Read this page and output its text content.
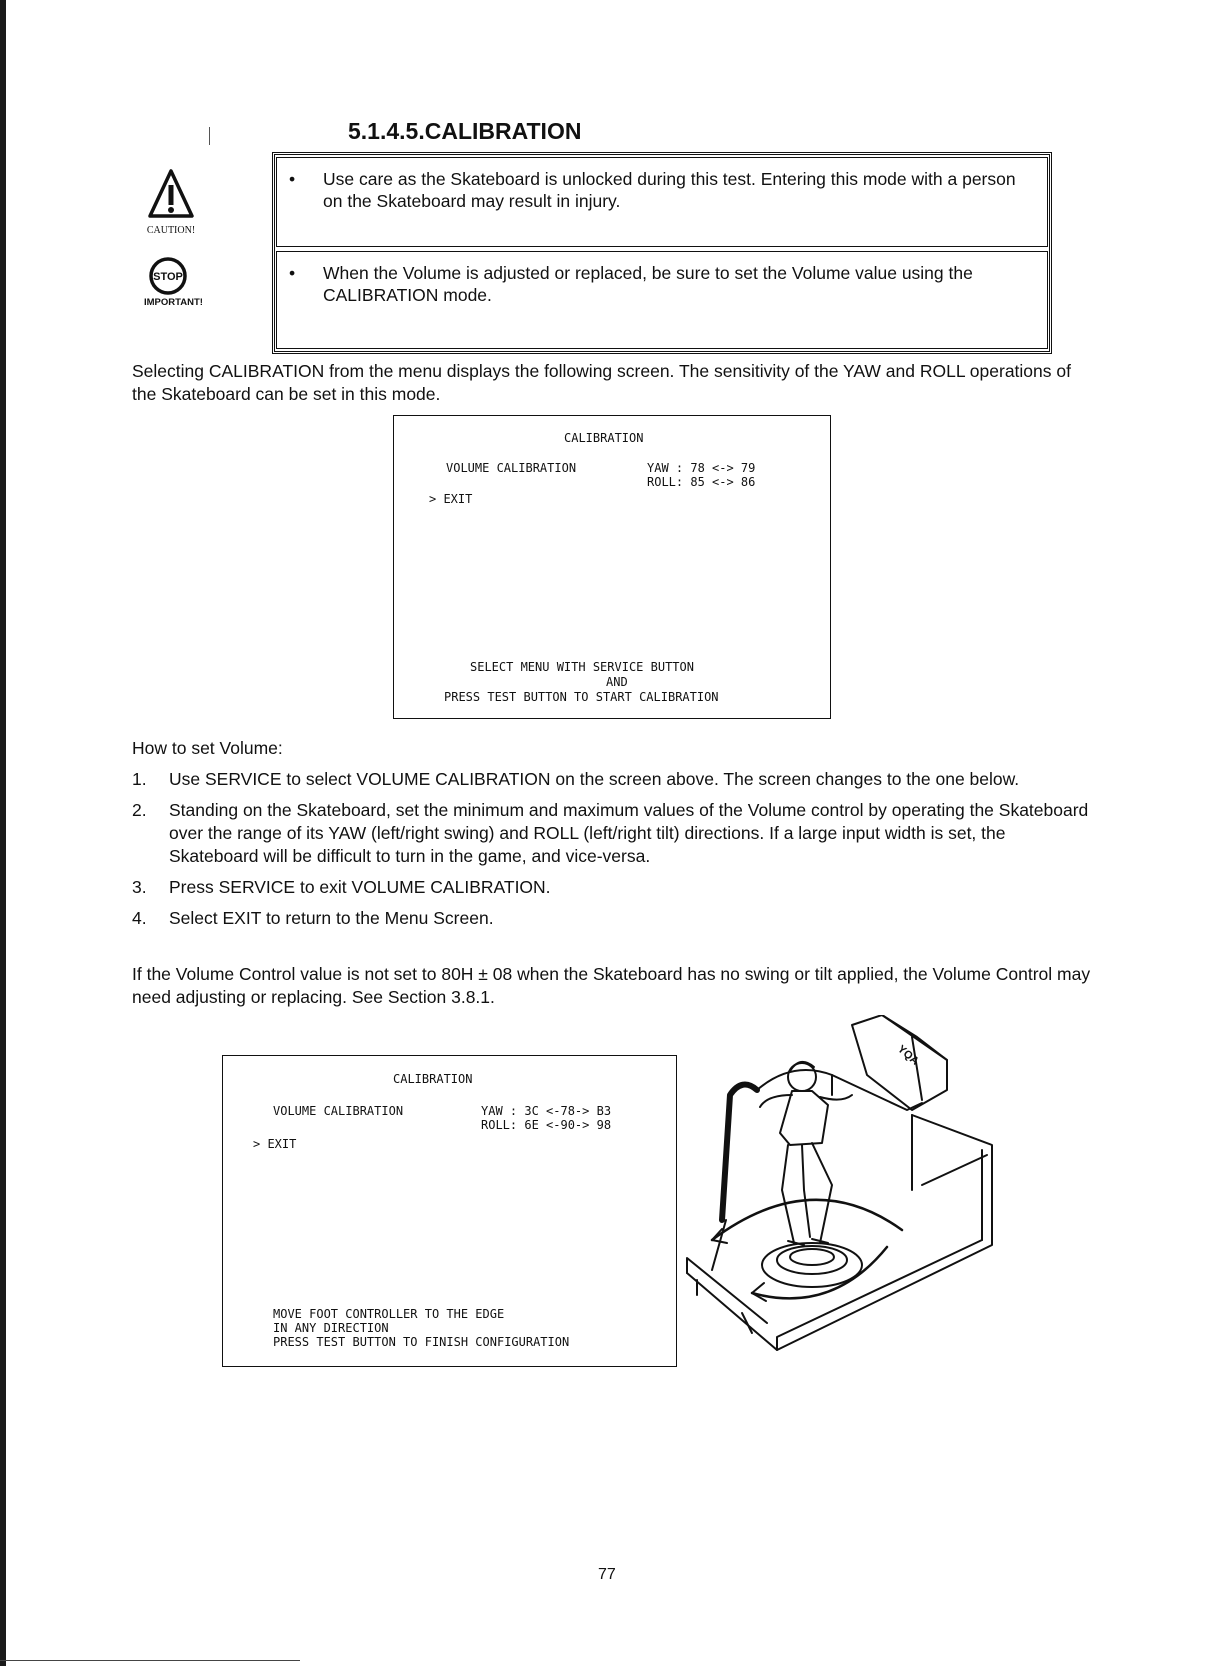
5.1.4.5.CALIBRATION
CAUTION!
STOP
IMPORTANT!
• Use care as the Skateboard is unlocked during this test. Entering this mode with a person on the Skateboard may result in injury.
• When the Volume is adjusted or replaced, be sure to set the Volume value using the CALIBRATION mode.

Selecting CALIBRATION from the menu displays the following screen. The sensitivity of the YAW and ROLL operations of the Skateboard can be set in this mode.

CALIBRATION
VOLUME CALIBRATION	YAW : 78 <-> 79
ROLL: 85 <-> 86
> EXIT
SELECT MENU WITH SERVICE BUTTON
AND
PRESS TEST BUTTON TO START CALIBRATION

How to set Volume:

1. Use SERVICE to select VOLUME CALIBRATION on the screen above. The screen changes to the one below.
2. Standing on the Skateboard, set the minimum and maximum values of the Volume control by operating the Skateboard over the range of its YAW (left/right swing) and ROLL (left/right tilt) directions. If a large input width is set, the Skateboard will be difficult to turn in the game, and vice-versa.
3. Press SERVICE to exit VOLUME CALIBRATION.
4. Select EXIT to return to the Menu Screen.

If the Volume Control value is not set to 80H ± 08 when the Skateboard has no swing or tilt applied, the Volume Control may need adjusting or replacing. See Section 3.8.1.

CALIBRATION
VOLUME CALIBRATION	YAW : 3C <-78-> B3
ROLL: 6E <-90-> 98
> EXIT
MOVE FOOT CONTROLLER TO THE EDGE
IN ANY DIRECTION
PRESS TEST BUTTON TO FINISH CONFIGURATION
YQA
77
